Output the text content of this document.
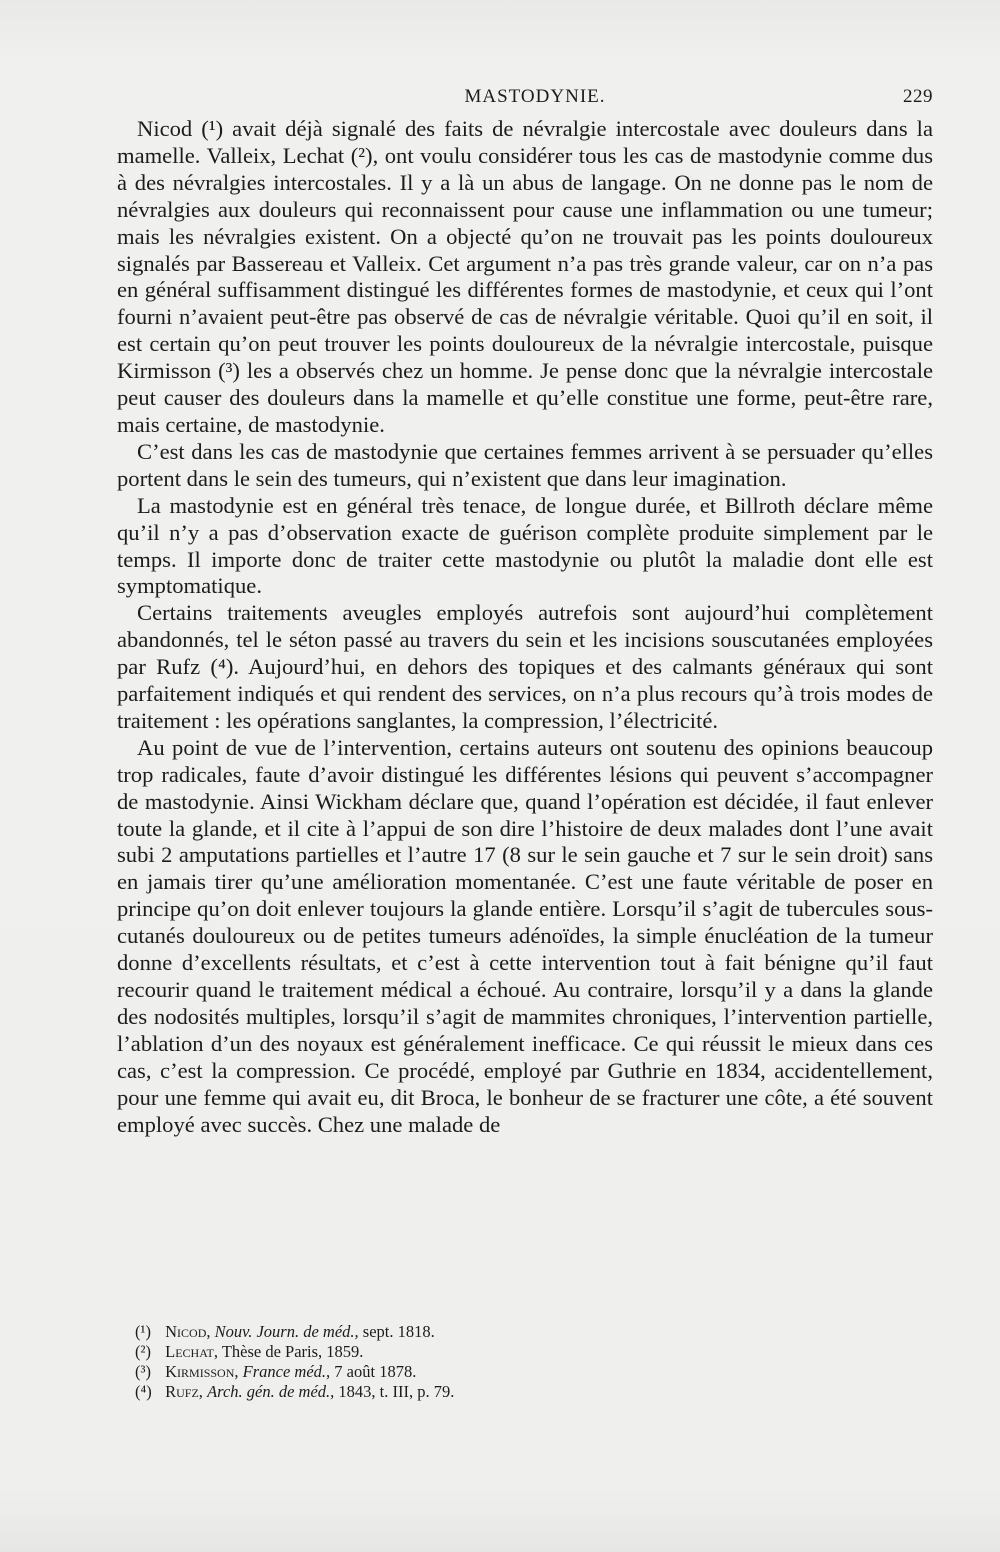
MASTODYNIE.	229

Nicod (¹) avait déjà signalé des faits de névralgie intercostale avec douleurs dans la mamelle. Valleix, Lechat (²), ont voulu considérer tous les cas de mastodynie comme dus à des névralgies intercostales. Il y a là un abus de langage. On ne donne pas le nom de névralgies aux douleurs qui reconnaissent pour cause une inflammation ou une tumeur; mais les névralgies existent. On a objecté qu’on ne trouvait pas les points douloureux signalés par Bassereau et Valleix. Cet argument n’a pas très grande valeur, car on n’a pas en général suffisamment distingué les différentes formes de mastodynie, et ceux qui l’ont fourni n’avaient peut-être pas observé de cas de névralgie véritable. Quoi qu’il en soit, il est certain qu’on peut trouver les points douloureux de la névralgie intercostale, puisque Kirmisson (³) les a observés chez un homme. Je pense donc que la névralgie intercostale peut causer des douleurs dans la mamelle et qu’elle constitue une forme, peut-être rare, mais certaine, de mastodynie.

C’est dans les cas de mastodynie que certaines femmes arrivent à se persuader qu’elles portent dans le sein des tumeurs, qui n’existent que dans leur imagination.

La mastodynie est en général très tenace, de longue durée, et Billroth déclare même qu’il n’y a pas d’observation exacte de guérison complète produite simplement par le temps. Il importe donc de traiter cette mastodynie ou plutôt la maladie dont elle est symptomatique.

Certains traitements aveugles employés autrefois sont aujourd’hui complètement abandonnés, tel le séton passé au travers du sein et les incisions souscutanées employées par Rufz (⁴). Aujourd’hui, en dehors des topiques et des calmants généraux qui sont parfaitement indiqués et qui rendent des services, on n’a plus recours qu’à trois modes de traitement : les opérations sanglantes, la compression, l’électricité.

Au point de vue de l’intervention, certains auteurs ont soutenu des opinions beaucoup trop radicales, faute d’avoir distingué les différentes lésions qui peuvent s’accompagner de mastodynie. Ainsi Wickham déclare que, quand l’opération est décidée, il faut enlever toute la glande, et il cite à l’appui de son dire l’histoire de deux malades dont l’une avait subi 2 amputations partielles et l’autre 17 (8 sur le sein gauche et 7 sur le sein droit) sans en jamais tirer qu’une amélioration momentanée. C’est une faute véritable de poser en principe qu’on doit enlever toujours la glande entière. Lorsqu’il s’agit de tubercules sous-cutanés douloureux ou de petites tumeurs adénoïdes, la simple énucléation de la tumeur donne d’excellents résultats, et c’est à cette intervention tout à fait bénigne qu’il faut recourir quand le traitement médical a échoué. Au contraire, lorsqu’il y a dans la glande des nodosités multiples, lorsqu’il s’agit de mammites chroniques, l’intervention partielle, l’ablation d’un des noyaux est généralement inefficace. Ce qui réussit le mieux dans ces cas, c’est la compression. Ce procédé, employé par Guthrie en 1834, accidentellement, pour une femme qui avait eu, dit Broca, le bonheur de se fracturer une côte, a été souvent employé avec succès. Chez une malade de

(¹) Nicod, Nouv. Journ. de méd., sept. 1818.

(²) Lechat, Thèse de Paris, 1859.

(³) Kirmisson, France méd., 7 août 1878.

(⁴) Rufz, Arch. gén. de méd., 1843, t. III, p. 79.
